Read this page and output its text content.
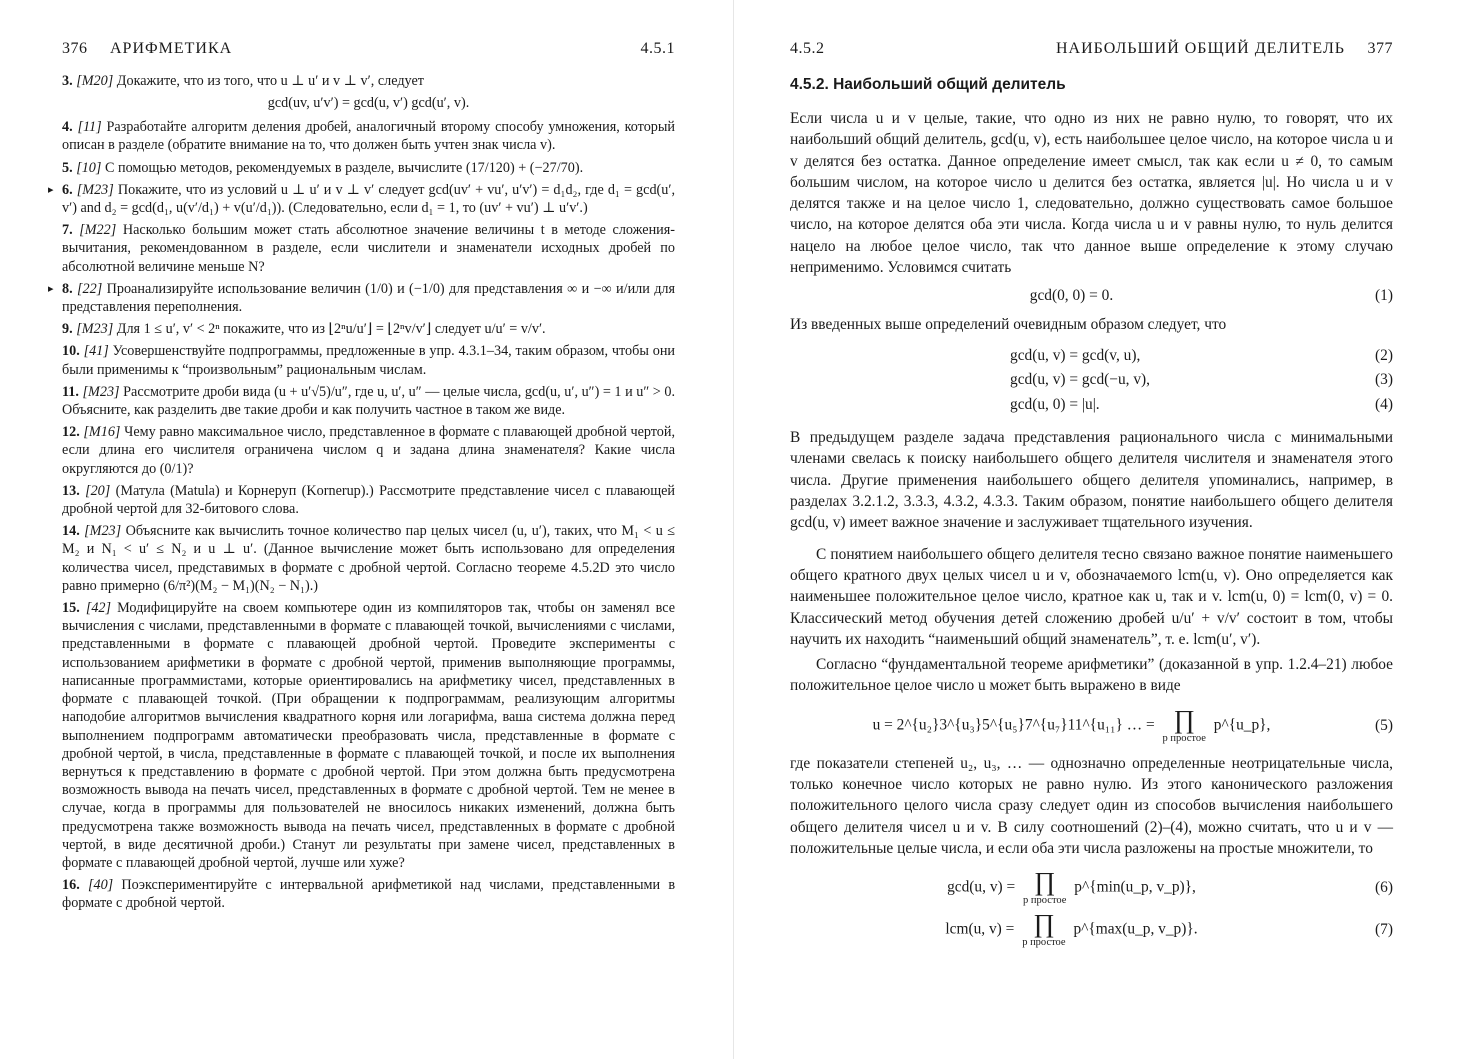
376 АРИФМЕТИКА	4.5.1
3. [M20] Докажите, что из того, что u ⊥ u′ и v ⊥ v′, следует
gcd(uv, u′v′) = gcd(u, v′) gcd(u′, v).
4. [11] Разработайте алгоритм деления дробей, аналогичный второму способу умножения, который описан в разделе (обратите внимание на то, что должен быть учтен знак числа v).
5. [10] С помощью методов, рекомендуемых в разделе, вычислите (17/120) + (−27/70).
▸ 6. [M23] Покажите, что из условий u ⊥ u′ и v ⊥ v′ следует gcd(uv′ + vu′, u′v′) = d₁d₂, где d₁ = gcd(u′, v′) and d₂ = gcd(d₁, u(v′/d₁) + v(u′/d₁)). (Следовательно, если d₁ = 1, то (uv′ + vu′) ⊥ u′v′.)
7. [M22] Насколько большим может стать абсолютное значение величины t в методе сложения-вычитания, рекомендованном в разделе, если числители и знаменатели исходных дробей по абсолютной величине меньше N?
▸ 8. [22] Проанализируйте использование величин (1/0) и (−1/0) для представления ∞ и −∞ и/или для представления переполнения.
9. [M23] Для 1 ≤ u′, v′ < 2ⁿ покажите, что из ⌊2ⁿu/u′⌋ = ⌊2ⁿv/v′⌋ следует u/u′ = v/v′.
10. [41] Усовершенствуйте подпрограммы, предложенные в упр. 4.3.1–34, таким образом, чтобы они были применимы к “произвольным” рациональным числам.
11. [M23] Рассмотрите дроби вида (u + u′√5)/u″, где u, u′, u″ — целые числа, gcd(u, u′, u″) = 1 и u″ > 0. Объясните, как разделить две такие дроби и как получить частное в таком же виде.
12. [M16] Чему равно максимальное число, представленное в формате с плавающей дробной чертой, если длина его числителя ограничена числом q и задана длина знаменателя? Какие числа округляются до (0/1)?
13. [20] (Матула (Matula) и Корнеруп (Kornerup).) Рассмотрите представление чисел с плавающей дробной чертой для 32-битового слова.
14. [M23] Объясните как вычислить точное количество пар целых чисел (u, u′), таких, что M₁ < u ≤ M₂ и N₁ < u′ ≤ N₂ и u ⊥ u′. (Данное вычисление может быть использовано для определения количества чисел, представимых в формате с дробной чертой. Согласно теореме 4.5.2D это число равно примерно (6/π²)(M₂ − M₁)(N₂ − N₁).)
15. [42] Модифицируйте на своем компьютере один из компиляторов так, чтобы он заменял все вычисления с числами, представленными в формате с плавающей точкой, вычислениями с числами, представленными в формате с плавающей дробной чертой. Проведите эксперименты с использованием арифметики в формате с дробной чертой, применив выполняющие программы, написанные программистами, которые ориентировались на арифметику чисел, представленных в формате с плавающей точкой. (При обращении к подпрограммам, реализующим алгоритмы наподобие алгоритмов вычисления квадратного корня или логарифма, ваша система должна перед выполнением подпрограмм автоматически преобразовать числа, представленные в формате с дробной чертой, в числа, представленные в формате с плавающей точкой, и после их выполнения вернуться к представлению в формате с дробной чертой. При этом должна быть предусмотрена возможность вывода на печать чисел, представленных в формате с дробной чертой. Тем не менее в случае, когда в программы для пользователей не вносилось никаких изменений, должна быть предусмотрена также возможность вывода на печать чисел, представленных в формате с дробной чертой, в виде десятичной дроби.) Станут ли результаты при замене чисел, представленных в формате с плавающей дробной чертой, лучше или хуже?
16. [40] Поэкспериментируйте с интервальной арифметикой над числами, представленными в формате с дробной чертой.
4.5.2	НАИБОЛЬШИЙ ОБЩИЙ ДЕЛИТЕЛЬ 377
4.5.2. Наибольший общий делитель

Если числа u и v целые, такие, что одно из них не равно нулю, то говорят, что их наибольший общий делитель, gcd(u, v), есть наибольшее целое число, на которое числа u и v делятся без остатка. Данное определение имеет смысл, так как если u ≠ 0, то самым большим числом, на которое число u делится без остатка, является |u|. Но числа u и v делятся также и на целое число 1, следовательно, должно существовать самое большое число, на которое делятся оба эти числа. Когда числа u и v равны нулю, то нуль делится нацело на любое целое число, так что данное выше определение к этому случаю неприменимо. Условимся считать

gcd(0, 0) = 0.	(1)

Из введенных выше определений очевидным образом следует, что

gcd(u, v) = gcd(v, u),	(2)
gcd(u, v) = gcd(−u, v),	(3)
gcd(u, 0) = |u|.	(4)

В предыдущем разделе задача представления рационального числа с минимальными членами свелась к поиску наибольшего общего делителя числителя и знаменателя этого числа. Другие применения наибольшего общего делителя упоминались, например, в разделах 3.2.1.2, 3.3.3, 4.3.2, 4.3.3. Таким образом, понятие наибольшего общего делителя gcd(u, v) имеет важное значение и заслуживает тщательного изучения.

С понятием наибольшего общего делителя тесно связано важное понятие наименьшего общего кратного двух целых чисел u и v, обозначаемого lcm(u, v). Оно определяется как наименьшее положительное целое число, кратное как u, так и v. lcm(u, 0) = lcm(0, v) = 0. Классический метод обучения детей сложению дробей u/u′ + v/v′ состоит в том, чтобы научить их находить “наименьший общий знаменатель”, т. е. lcm(u′, v′).

Согласно “фундаментальной теореме арифметики” (доказанной в упр. 1.2.4–21) любое положительное целое число u может быть выражено в виде

u = 2^{u₂}3^{u₃}5^{u₅}7^{u₇}11^{u₁₁} … = ∏
p простое
p^{u_p},	(5)

где показатели степеней u₂, u₃, … — однозначно определенные неотрицательные числа, только конечное число которых не равно нулю. Из этого канонического разложения положительного целого числа сразу следует один из способов вычисления наибольшего общего делителя чисел u и v. В силу соотношений (2)–(4), можно считать, что u и v — положительные целые числа, и если оба эти числа разложены на простые множители, то

gcd(u, v) = ∏
p простое
p^{min(u_p, v_p)},	(6)
lcm(u, v) = ∏
p простое
p^{max(u_p, v_p)}.	(7)
